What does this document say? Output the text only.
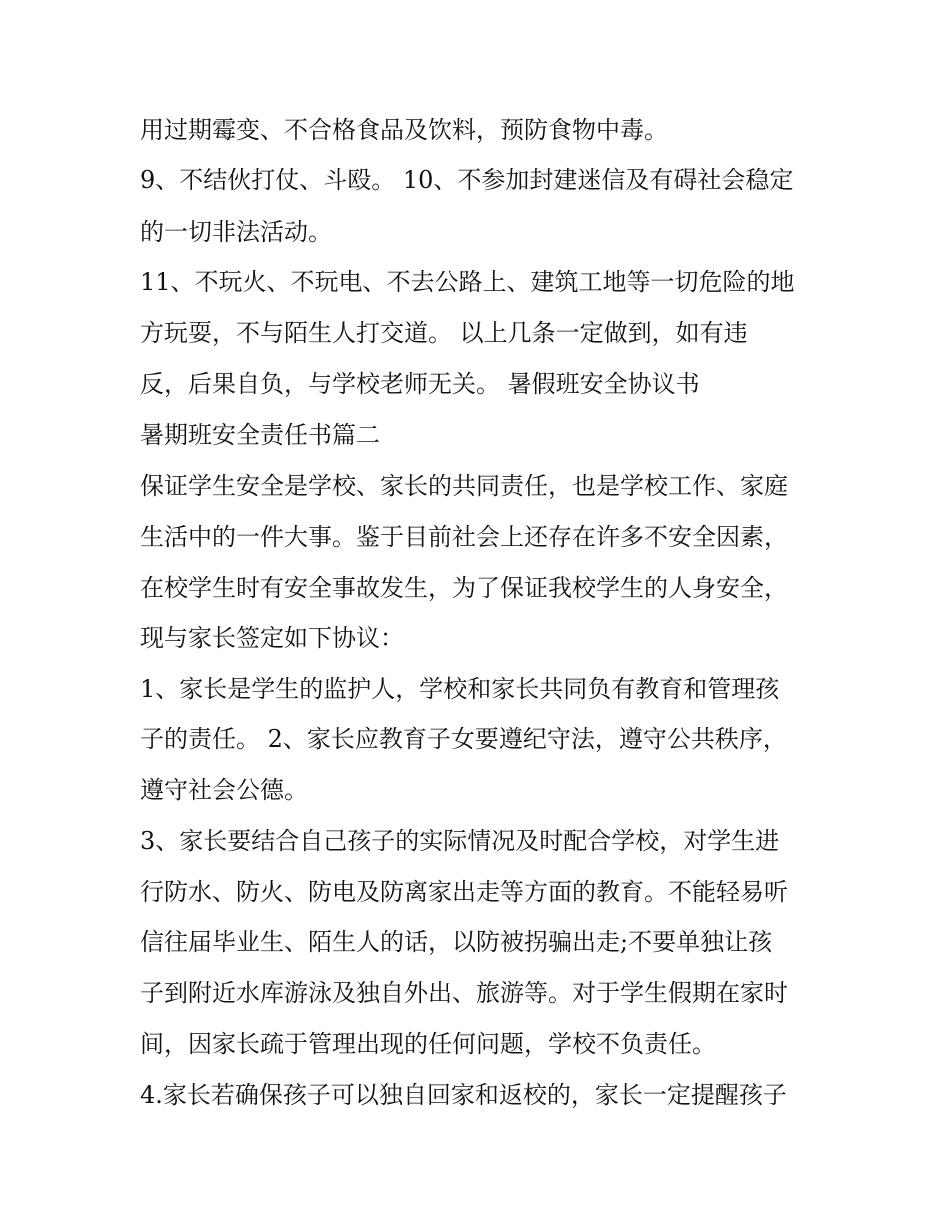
用过期霉变、不合格食品及饮料，预防食物中毒。
9、不结伙打仗、斗殴。 10、不参加封建迷信及有碍社会稳定
的一切非法活动。
11、不玩火、不玩电、不去公路上、建筑工地等一切危险的地
方玩耍，不与陌生人打交道。 以上几条一定做到，如有违
反，后果自负，与学校老师无关。 暑假班安全协议书
暑期班安全责任书篇二
保证学生安全是学校、家长的共同责任，也是学校工作、家庭
生活中的一件大事。鉴于目前社会上还存在许多不安全因素，
在校学生时有安全事故发生，为了保证我校学生的人身安全，
现与家长签定如下协议：
1、家长是学生的监护人，学校和家长共同负有教育和管理孩
子的责任。 2、家长应教育子女要遵纪守法，遵守公共秩序，
遵守社会公德。
3、家长要结合自己孩子的实际情况及时配合学校，对学生进
行防水、防火、防电及防离家出走等方面的教育。不能轻易听
信往届毕业生、陌生人的话，以防被拐骗出走;不要单独让孩
子到附近水库游泳及独自外出、旅游等。对于学生假期在家时
间，因家长疏于管理出现的任何问题，学校不负责任。
4.家长若确保孩子可以独自回家和返校的，家长一定提醒孩子
